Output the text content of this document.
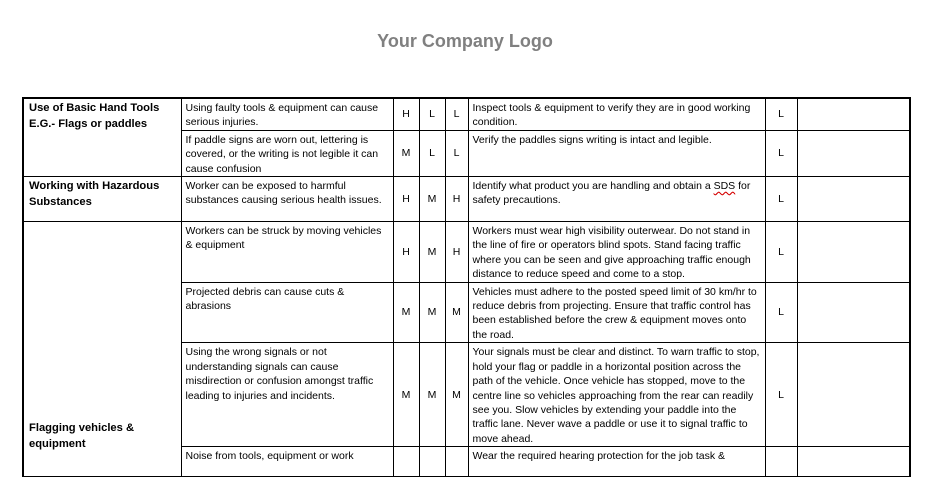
Your Company Logo
Use of Basic Hand Tools
E.G.- Flags or paddles	Using faulty tools & equipment can cause serious injuries.	H	L	L	Inspect tools & equipment to verify they are in good working condition.	L	
	If paddle signs are worn out, lettering is covered, or the writing is not legible it can cause confusion	M	L	L	Verify the paddles signs writing is intact and legible.	L	

Working with Hazardous
Substances	Worker can be exposed to harmful substances causing serious health issues.	H	M	H	Identify what product you are handling and obtain a SDS for safety precautions.	L	

Flagging vehicles &
equipment	Workers can be struck by moving vehicles & equipment	H	M	H	Workers must wear high visibility outerwear. Do not stand in the line of fire or operators blind spots. Stand facing traffic where you can be seen and give approaching traffic enough distance to reduce speed and come to a stop.	L	
	Projected debris can cause cuts & abrasions	M	M	M	Vehicles must adhere to the posted speed limit of 30 km/hr to reduce debris from projecting. Ensure that traffic control has been established before the crew & equipment moves onto the road.	L	
	Using the wrong signals or not understanding signals can cause misdirection or confusion amongst traffic leading to injuries and incidents.	M	M	M	Your signals must be clear and distinct. To warn traffic to stop, hold your flag or paddle in a horizontal position across the path of the vehicle. Once vehicle has stopped, move to the centre line so vehicles approaching from the rear can readily see you. Slow vehicles by extending your paddle into the traffic lane. Never wave a paddle or use it to signal traffic to move ahead.	L	
	Noise from tools, equipment or work				Wear the required hearing protection for the job task &		
